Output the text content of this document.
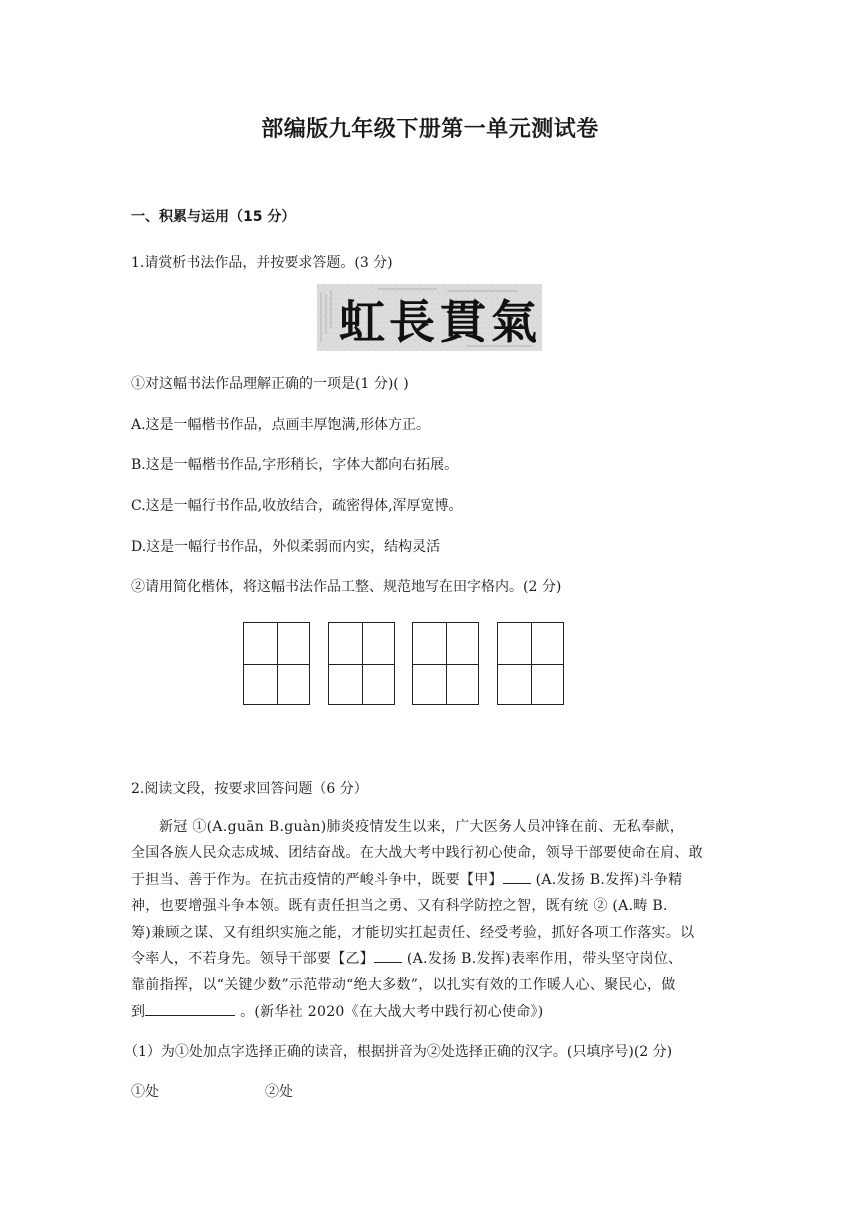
部编版九年级下册第一单元测试卷
一、积累与运用（15 分）
1.请赏析书法作品，并按要求答题。(3 分)
虹 長 貫 氣
①对这幅书法作品理解正确的一项是(1 分)( )
A.这是一幅楷书作品，点画丰厚饱满,形体方正。
B.这是一幅楷书作品,字形稍长，字体大都向右拓展。
C.这是一幅行书作品,收放结合，疏密得体,浑厚宽博。
D.这是一幅行书作品，外似柔弱而内实，结构灵活
②请用简化楷体，将这幅书法作品工整、规范地写在田字格内。(2 分)
2.阅读文段，按要求回答问题（6 分）
新冠 ①(A.guān B.guàn)肺炎疫情发生以来，广大医务人员冲锋在前、无私奉献，
全国各族人民众志成城、团结奋战。在大战大考中践行初心使命，领导干部要使命在肩、敢
于担当、善于作为。在抗击疫情的严峻斗争中，既要【甲】 (A.发扬 B.发挥)斗争精
神，也要增强斗争本领。既有责任担当之勇、又有科学防控之智，既有统 ② (A.畴 B.
筹)兼顾之谋、又有组织实施之能，才能切实扛起责任、经受考验，抓好各项工作落实。以
令率人，不若身先。领导干部要【乙】 (A.发扬 B.发挥)表率作用，带头坚守岗位、
靠前指挥，以“关键少数”示范带动“绝大多数”，以扎实有效的工作暖人心、聚民心，做
到	。(新华社 2020《在大战大考中践行初心使命》)
（1）为①处加点字选择正确的读音，根据拼音为②处选择正确的汉字。(只填序号)(2 分)
①处	②处
